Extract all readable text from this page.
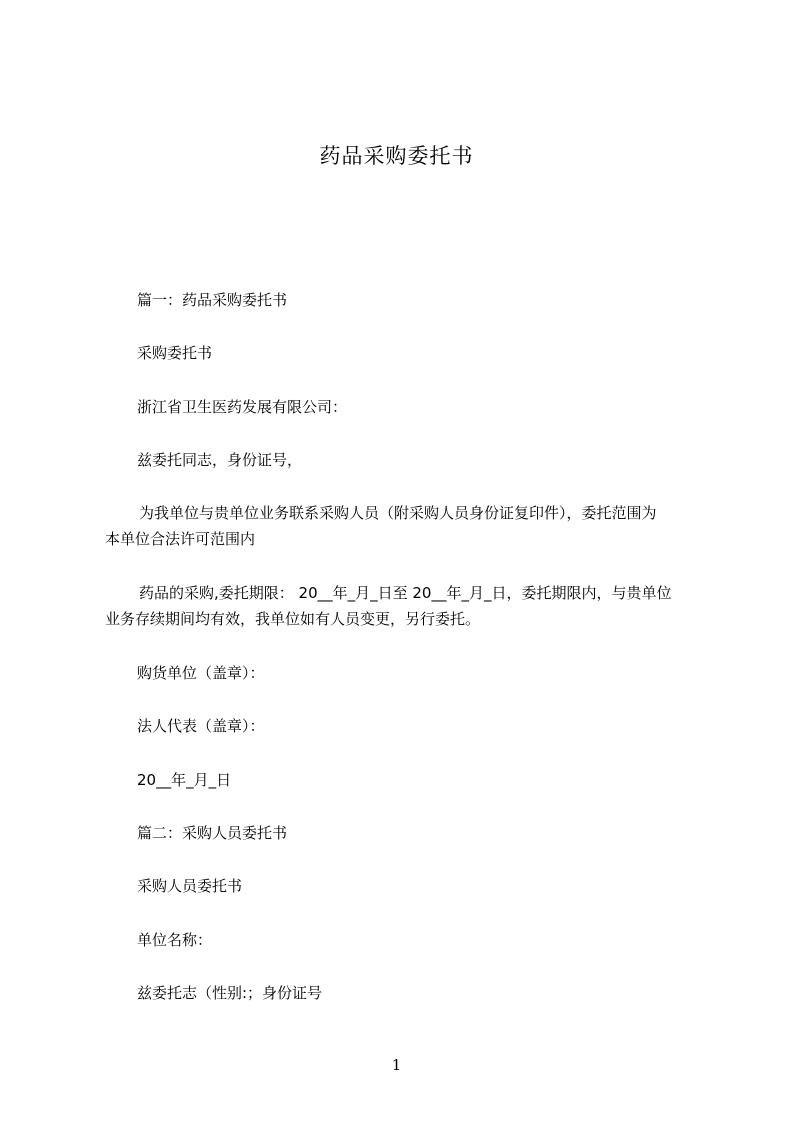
药品采购委托书

篇一：药品采购委托书

采购委托书

浙江省卫生医药发展有限公司：

兹委托同志，身份证号，

为我单位与贵单位业务联系采购人员（附采购人员身份证复印件），委托范围为

本单位合法许可范围内

药品的采购,委托期限： 20__年_月_日至 20__年_月_日，委托期限内，与贵单位

业务存续期间均有效，我单位如有人员变更，另行委托。

购货单位（盖章）：

法人代表（盖章）：

20__年_月_日

篇二：采购人员委托书

采购人员委托书

单位名称：

兹委托志（性别:；身份证号

1
